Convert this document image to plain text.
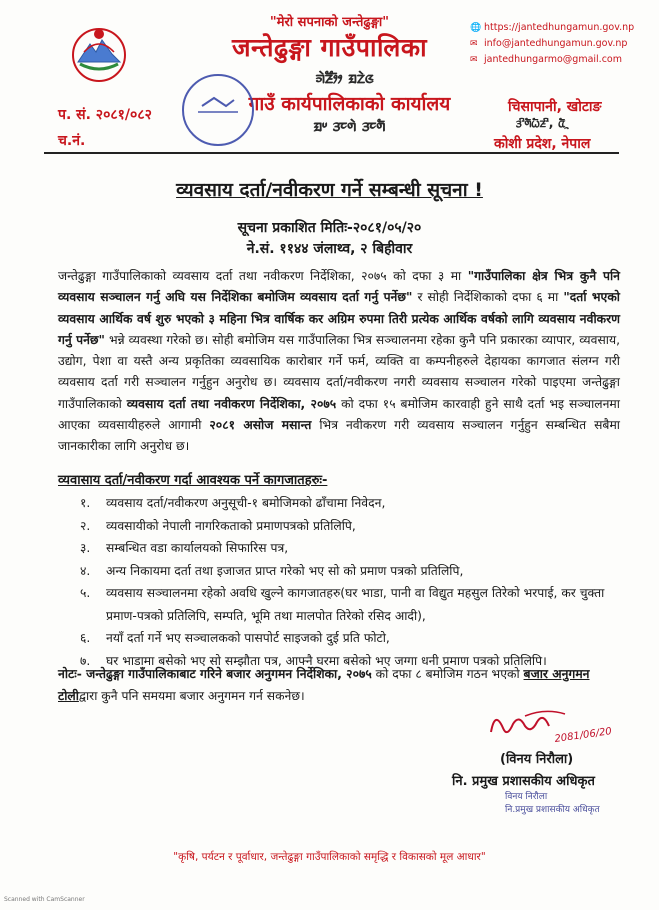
"मेरो सपनाको जन्तेढुङ्गा"
जन्तेढुङ्गा गाउँपालिका
ᤈᤧᤏᤠᤣᤥ ᤀᤁᤧᤜ
गाउँ कार्यपालिकाको कार्यालय
ᤀᤸ ᤋᤰᤛᤧ ᤋᤰᤛᤠ
🌐 https://jantedhungamun.gov.np
✉ info@jantedhungamun.gov.np
✉ jantedhungarmo@gmail.com
प. सं. २०८१/०८२
च.नं.
चिसापानी, खोटाङ
ᤋᤡᤛᤠᤐᤠᤏᤡ, ᤂᤠᤳ
कोशी प्रदेश, नेपाल
व्यवसाय दर्ता/नवीकरण गर्ने सम्बन्धी सूचना !
सूचना प्रकाशित मितिः-२०८१/०५/२०
ने.सं. ११४४ जंलाथ्व, २ बिहीवार
जन्तेढुङ्गा गाउँपालिकाको व्यवसाय दर्ता तथा नवीकरण निर्देशिका, २०७५ को दफा ३ मा "गाउँपालिका क्षेत्र भित्र कुनै पनि व्यवसाय सञ्चालन गर्नु अघि यस निर्देशिका बमोजिम व्यवसाय दर्ता गर्नु पर्नेछ" र सोही निर्देशिकाको दफा ६ मा "दर्ता भएको व्यवसाय आर्थिक वर्ष शुरु भएको ३ महिना भित्र वार्षिक कर अग्रिम रुपमा तिरी प्रत्येक आर्थिक वर्षको लागि व्यवसाय नवीकरण गर्नु पर्नेछ" भन्ने व्यवस्था गरेको छ। सोही बमोजिम यस गाउँपालिका भित्र सञ्चालनमा रहेका कुनै पनि प्रकारका व्यापार, व्यवसाय, उद्योग, पेशा वा यस्तै अन्य प्रकृतिका व्यवसायिक कारोबार गर्ने फर्म, व्यक्ति वा कम्पनीहरुले देहायका कागजात संलग्न गरी व्यवसाय दर्ता गरी सञ्चालन गर्नुहुन अनुरोध छ। व्यवसाय दर्ता/नवीकरण नगरी व्यवसाय सञ्चालन गरेको पाइएमा जन्तेढुङ्गा गाउँपालिकाको व्यवसाय दर्ता तथा नवीकरण निर्देशिका, २०७५ को दफा १५ बमोजिम कारवाही हुने साथै दर्ता भइ सञ्चालनमा आएका व्यवसायीहरुले आगामी २०८१ असोज मसान्त भित्र नवीकरण गरी व्यवसाय सञ्चालन गर्नुहुन सम्बन्धित सबैमा जानकारीका लागि अनुरोध छ।
व्यवासाय दर्ता/नवीकरण गर्दा आवश्यक पर्ने कागजातहरुः-
१.	व्यवसाय दर्ता/नवीकरण अनुसूची-१ बमोजिमको ढाँचामा निवेदन,
२.	व्यवसायीको नेपाली नागरिकताको प्रमाणपत्रको प्रतिलिपि,
३.	सम्बन्धित वडा कार्यालयको सिफारिस पत्र,
४.	अन्य निकायमा दर्ता तथा इजाजत प्राप्त गरेको भए सो को प्रमाण पत्रको प्रतिलिपि,
५.	व्यवसाय सञ्चालनमा रहेको अवधि खुल्ने कागजातहरु(घर भाडा, पानी वा विद्युत महसुल तिरेको भरपाई, कर चुक्ता प्रमाण-पत्रको प्रतिलिपि, सम्पति, भूमि तथा मालपोत तिरेको रसिद आदी),
६.	नयाँ दर्ता गर्ने भए सञ्चालकको पासपोर्ट साइजको दुई प्रति फोटो,
७.	घर भाडामा बसेको भए सो सम्झौता पत्र, आफ्नै घरमा बसेको भए जग्गा धनी प्रमाण पत्रको प्रतिलिपि।
नोटः- जन्तेढुङ्गा गाउँपालिकाबाट गरिने बजार अनुगमन निर्देशिका, २०७५ को दफा ८ बमोजिम गठन भएको बजार अनुगमन टोलीद्वारा कुनै पनि समयमा बजार अनुगमन गर्न सकनेछ।
2081/06/20
(विनय निरौला)
नि. प्रमुख प्रशासकीय अधिकृत
विनय निरौला
नि.प्रमुख प्रशासकीय अधिकृत
"कृषि, पर्यटन र पूर्वाधार, जन्तेढुङ्गा गाउँपालिकाको समृद्धि र विकासको मूल आधार"
Scanned with CamScanner
